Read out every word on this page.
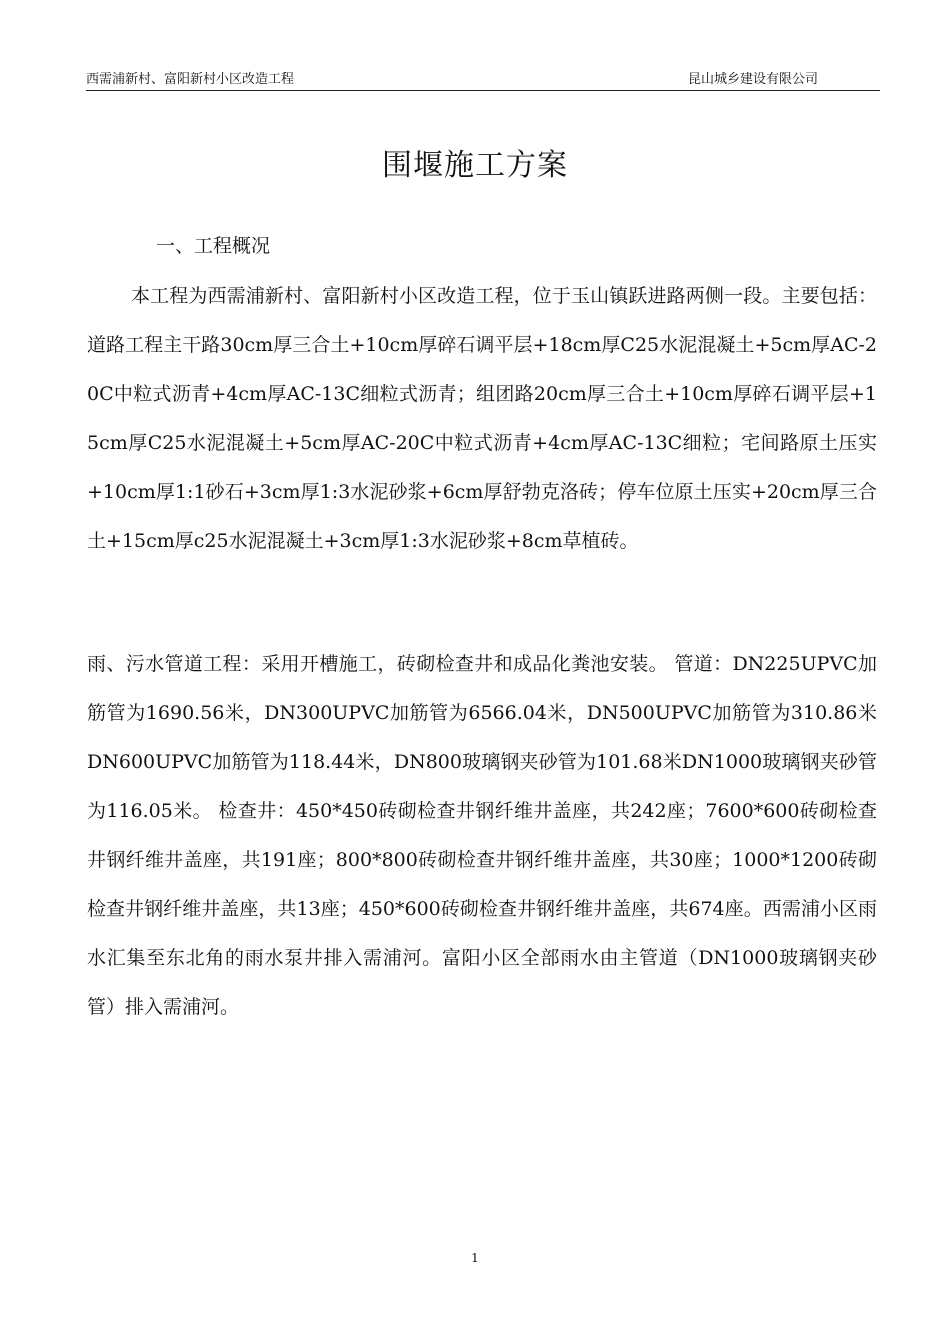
西需浦新村、富阳新村小区改造工程	昆山城乡建设有限公司
围堰施工方案
一、工程概况

本工程为西需浦新村、富阳新村小区改造工程，位于玉山镇跃进路两侧一段。主要包括：道路工程主干路30cm厚三合土+10cm厚碎石调平层+18cm厚C25水泥混凝土+5cm厚AC-20C中粒式沥青+4cm厚AC-13C细粒式沥青；组团路20cm厚三合土+10cm厚碎石调平层+15cm厚C25水泥混凝土+5cm厚AC-20C中粒式沥青+4cm厚AC-13C细粒；宅间路原土压实+10cm厚1:1砂石+3cm厚1:3水泥砂浆+6cm厚舒勃克洛砖；停车位原土压实+20cm厚三合土+15cm厚c25水泥混凝土+3cm厚1:3水泥砂浆+8cm草植砖。

雨、污水管道工程：采用开槽施工，砖砌检查井和成品化粪池安装。 管道：DN225UPVC加筋管为1690.56米，DN300UPVC加筋管为6566.04米，DN500UPVC加筋管为310.86米DN600UPVC加筋管为118.44米，DN800玻璃钢夹砂管为101.68米DN1000玻璃钢夹砂管为116.05米。 检查井：450*450砖砌检查井钢纤维井盖座，共242座；7600*600砖砌检查井钢纤维井盖座，共191座；800*800砖砌检查井钢纤维井盖座，共30座；1000*1200砖砌检查井钢纤维井盖座，共13座；450*600砖砌检查井钢纤维井盖座，共674座。西需浦小区雨水汇集至东北角的雨水泵井排入需浦河。富阳小区全部雨水由主管道（DN1000玻璃钢夹砂管）排入需浦河。

1
